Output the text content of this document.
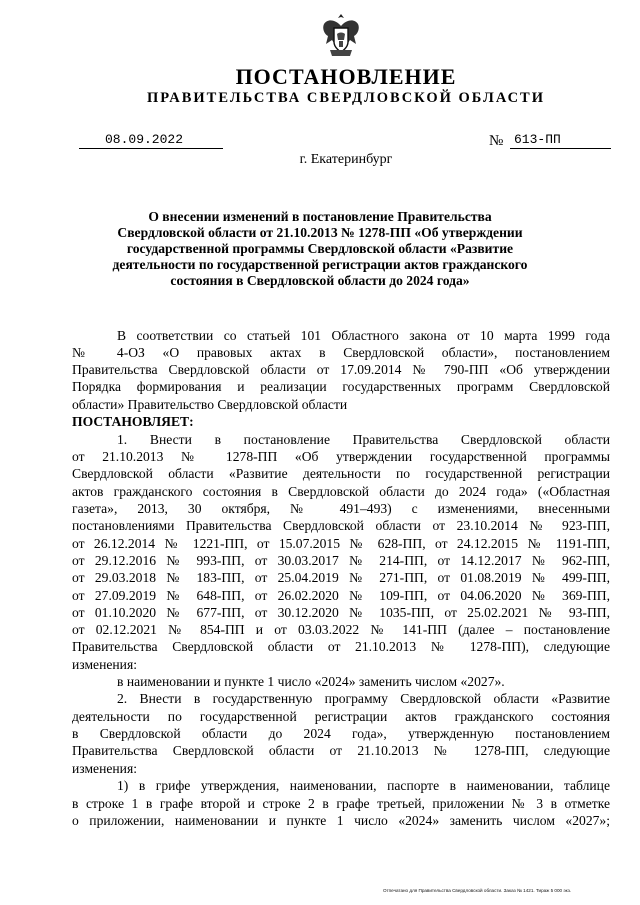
ПОСТАНОВЛЕНИЕ
ПРАВИТЕЛЬСТВА СВЕРДЛОВСКОЙ ОБЛАСТИ
08.09.2022	№ 613-ПП
г. Екатеринбург
О внесении изменений в постановление Правительства
Свердловской области от 21.10.2013 № 1278-ПП «Об утверждении
государственной программы Свердловской области «Развитие
деятельности по государственной регистрации актов гражданского
состояния в Свердловской области до 2024 года»
В соответствии со статьей 101 Областного закона от 10 марта 1999 года
№ 4-ОЗ «О правовых актах в Свердловской области», постановлением
Правительства Свердловской области от 17.09.2014 № 790-ПП «Об утверждении
Порядка формирования и реализации государственных программ Свердловской
области» Правительство Свердловской области
ПОСТАНОВЛЯЕТ:
1. Внести в постановление Правительства Свердловской области
от 21.10.2013 № 1278-ПП «Об утверждении государственной программы
Свердловской области «Развитие деятельности по государственной регистрации
актов гражданского состояния в Свердловской области до 2024 года» («Областная
газета», 2013, 30 октября, № 491–493) с изменениями, внесенными
постановлениями Правительства Свердловской области от 23.10.2014 № 923-ПП,
от 26.12.2014 № 1221-ПП, от 15.07.2015 № 628-ПП, от 24.12.2015 № 1191-ПП,
от 29.12.2016 № 993-ПП, от 30.03.2017 № 214-ПП, от 14.12.2017 № 962-ПП,
от 29.03.2018 № 183-ПП, от 25.04.2019 № 271-ПП, от 01.08.2019 № 499-ПП,
от 27.09.2019 № 648-ПП, от 26.02.2020 № 109-ПП, от 04.06.2020 № 369-ПП,
от 01.10.2020 № 677-ПП, от 30.12.2020 № 1035-ПП, от 25.02.2021 № 93-ПП,
от 02.12.2021 № 854-ПП и от 03.03.2022 № 141-ПП (далее – постановление
Правительства Свердловской области от 21.10.2013 № 1278-ПП), следующие
изменения:
в наименовании и пункте 1 число «2024» заменить числом «2027».
2. Внести в государственную программу Свердловской области «Развитие
деятельности по государственной регистрации актов гражданского состояния
в Свердловской области до 2024 года», утвержденную постановлением
Правительства Свердловской области от 21.10.2013 № 1278-ПП, следующие
изменения:
1) в грифе утверждения, наименовании, паспорте в наименовании, таблице
в строке 1 в графе второй и строке 2 в графе третьей, приложении № 3 в отметке
о приложении, наименовании и пункте 1 число «2024» заменить числом «2027»;
Отпечатано для Правительства Свердловской области. Заказ № 1421. Тираж 5 000 экз.
